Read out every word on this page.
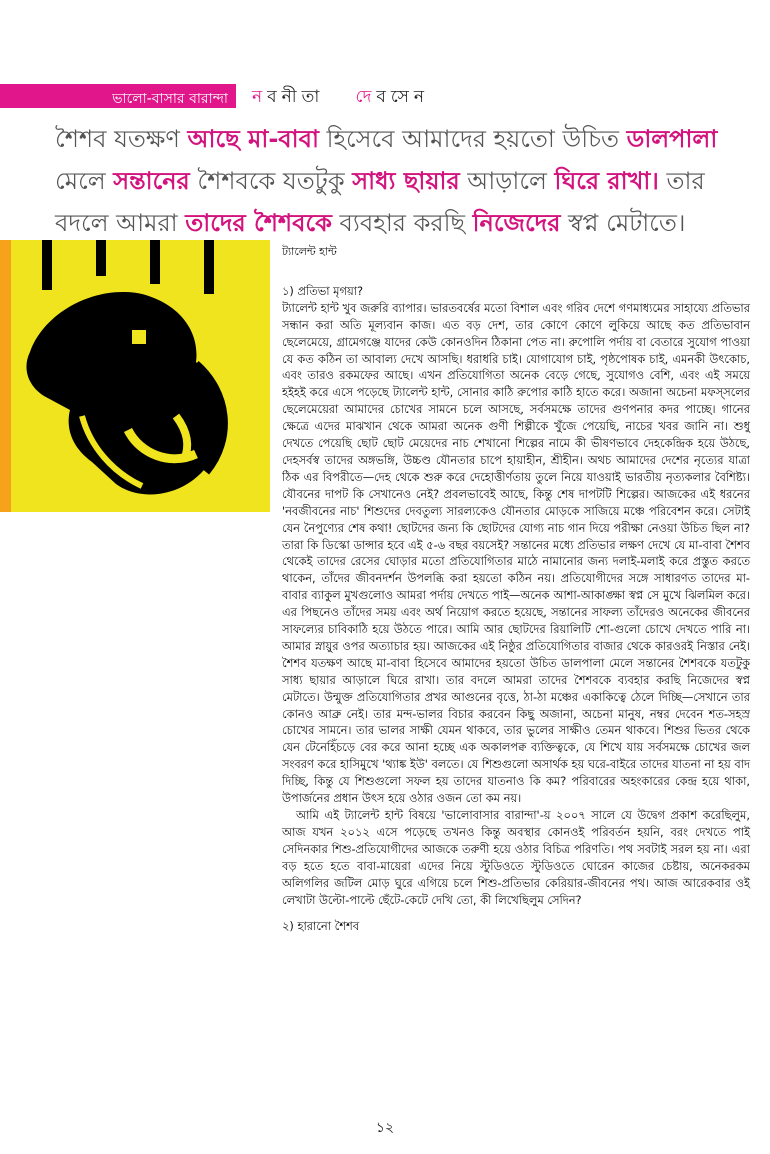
ভালো-বাসার বারান্দা নবনীতা দেবসেন
শৈশব যতক্ষণ আছে মা-বাবা হিসেবে আমাদের হয়তো উচিত ডালপালা মেলে সন্তানের শৈশবকে যতটুকু সাধ্য ছায়ার আড়ালে ঘিরে রাখা। তার বদলে আমরা তাদের শৈশবকে ব্যবহার করছি নিজেদের স্বপ্ন মেটাতে।

ট্যালেন্ট হান্ট

১) প্রতিভা মৃগয়া?

ট্যালেন্ট হান্ট খুব জরুরি ব্যাপার। ভারতবর্ষের মতো বিশাল এবং গরিব দেশে গণমাধ্যমের সাহায্যে প্রতিভার সন্ধান করা অতি মূল্যবান কাজ। এত বড় দেশ, তার কোণে কোণে লুকিয়ে আছে কত প্রতিভাবান ছেলেমেয়ে, গ্রামেগঞ্জে যাদের কেউ কোনওদিন ঠিকানা পেত না। রুপোলি পর্দায় বা বেতারে সুযোগ পাওয়া যে কত কঠিন তা আবাল্য দেখে আসছি। ধরাধরি চাই। যোগাযোগ চাই, পৃষ্ঠপোষক চাই, এমনকী উৎকোচ, এবং তারও রকমফের আছে। এখন প্রতিযোগিতা অনেক বেড়ে গেছে, সুযোগও বেশি, এবং এই সময়ে হইহই করে এসে পড়েছে ট্যালেন্ট হান্ট, সোনার কাঠি রুপোর কাঠি হাতে করে। অজানা অচেনা মফস্সলের ছেলেমেয়েরা আমাদের চোখের সামনে চলে আসছে, সর্বসমক্ষে তাদের গুণপনার কদর পাচ্ছে। গানের ক্ষেত্রে এদের মাঝখান থেকে আমরা অনেক গুণী শিল্পীকে খুঁজে পেয়েছি, নাচের খবর জানি না। শুধু দেখতে পেয়েছি ছোট ছোট মেয়েদের নাচ শেখানো শিল্পের নামে কী ভীষণভাবে দেহকেন্দ্রিক হয়ে উঠছে, দেহসর্বস্ব তাদের অঙ্গভঙ্গি, উচ্চণ্ড যৌনতার চাপে হায়াহীন, শ্রীহীন। অথচ আমাদের দেশের নৃত্যের যাত্রা ঠিক এর বিপরীতে—দেহ থেকে শুরু করে দেহোত্তীর্ণতায় তুলে নিয়ে যাওয়াই ভারতীয় নৃত্যকলার বৈশিষ্ট্য। যৌবনের দাপট কি সেখানেও নেই? প্রবলভাবেই আছে, কিন্তু শেষ দাপটটি শিল্পের। আজকের এই ধরনের 'নবজীবনের নাচ' শিশুদের দেবতুল্য সারল্যকেও যৌনতার মোড়কে সাজিয়ে মঞ্চে পরিবেশন করে। সেটাই যেন নৈপুণ্যের শেষ কথা! ছোটদের জন্য কি ছোটদের যোগ্য নাচ গান দিয়ে পরীক্ষা নেওয়া উচিত ছিল না? তারা কি ডিস্কো ডান্সার হবে এই ৫-৬ বছর বয়সেই? সন্তানের মধ্যে প্রতিভার লক্ষণ দেখে যে মা-বাবা শৈশব থেকেই তাদের রেসের ঘোড়ার মতো প্রতিযোগিতার মাঠে নামানোর জন্য দলাই-মলাই করে প্রস্তুত করতে থাকেন, তাঁদের জীবনদর্শন উপলব্ধি করা হয়তো কঠিন নয়। প্রতিযোগীদের সঙ্গে সাধারণত তাদের মা-বাবার ব্যাকুল মুখগুলোও আমরা পর্দায় দেখতে পাই—অনেক আশা-আকাঙ্ক্ষা স্বপ্ন সে মুখে ঝিলমিল করে। এর পিছনেও তাঁদের সময় এবং অর্থ নিয়োগ করতে হয়েছে, সন্তানের সাফল্য তাঁদেরও অনেকের জীবনের সাফল্যের চাবিকাঠি হয়ে উঠতে পারে। আমি আর ছোটদের রিয়ালিটি শো-গুলো চোখে দেখতে পারি না। আমার স্নায়ুর ওপর অত্যাচার হয়। আজকের এই নিষ্ঠুর প্রতিযোগিতার বাজার থেকে কারওরই নিস্তার নেই। শৈশব যতক্ষণ আছে মা-বাবা হিসেবে আমাদের হয়তো উচিত ডালপালা মেলে সন্তানের শৈশবকে যতটুকু সাধ্য ছায়ার আড়ালে ঘিরে রাখা। তার বদলে আমরা তাদের শৈশবকে ব্যবহার করছি নিজেদের স্বপ্ন মেটাতে। উন্মুক্ত প্রতিযোগিতার প্রখর আগুনের বৃত্তে, ঠা-ঠা মঞ্চের একাকিত্বে ঠেলে দিচ্ছি—সেখানে তার কোনও আব্রু নেই। তার মন্দ-ভালর বিচার করবেন কিছু অজানা, অচেনা মানুষ, নম্বর দেবেন শত-সহস্র চোখের সামনে। তার ভালর সাক্ষী যেমন থাকবে, তার ভুলের সাক্ষীও তেমন থাকবে। শিশুর ভিতর থেকে যেন টেনেহিঁচড়ে বের করে আনা হচ্ছে এক অকালপক্ব ব্যক্তিত্বকে, যে শিখে যায় সর্বসমক্ষে চোখের জল সংবরণ করে হাসিমুখে 'থ্যাঙ্ক ইউ' বলতে। যে শিশুগুলো অসার্থক হয় ঘরে-বাইরে তাদের যাতনা না হয় বাদ দিচ্ছি, কিন্তু যে শিশুগুলো সফল হয় তাদের যাতনাও কি কম? পরিবারের অহংকারের কেন্দ্র হয়ে থাকা, উপার্জনের প্রধান উৎস হয়ে ওঠার ওজন তো কম নয়।

আমি এই ট্যালেন্ট হান্ট বিষয়ে 'ভালোবাসার বারান্দা'-য় ২০০৭ সালে যে উদ্বেগ প্রকাশ করেছিলুম, আজ যখন ২০১২ এসে পড়েছে তখনও কিন্তু অবস্থার কোনওই পরিবর্তন হয়নি, বরং দেখতে পাই সেদিনকার শিশু-প্রতিযোগীদের আজকে তরুণী হয়ে ওঠার বিচিত্র পরিণতি। পথ সবটাই সরল হয় না। এরা বড় হতে হতে বাবা-মায়েরা এদের নিয়ে স্টুডিওতে স্টুডিওতে ঘোরেন কাজের চেষ্টায়, অনেকরকম অলিগলির জটিল মোড় ঘুরে এগিয়ে চলে শিশু-প্রতিভার কেরিয়ার-জীবনের পথ। আজ আরেকবার ওই লেখাটা উল্টো-পাল্টে ছেঁটে-কেটে দেখি তো, কী লিখেছিলুম সেদিন?

২) হারানো শৈশব

১২
